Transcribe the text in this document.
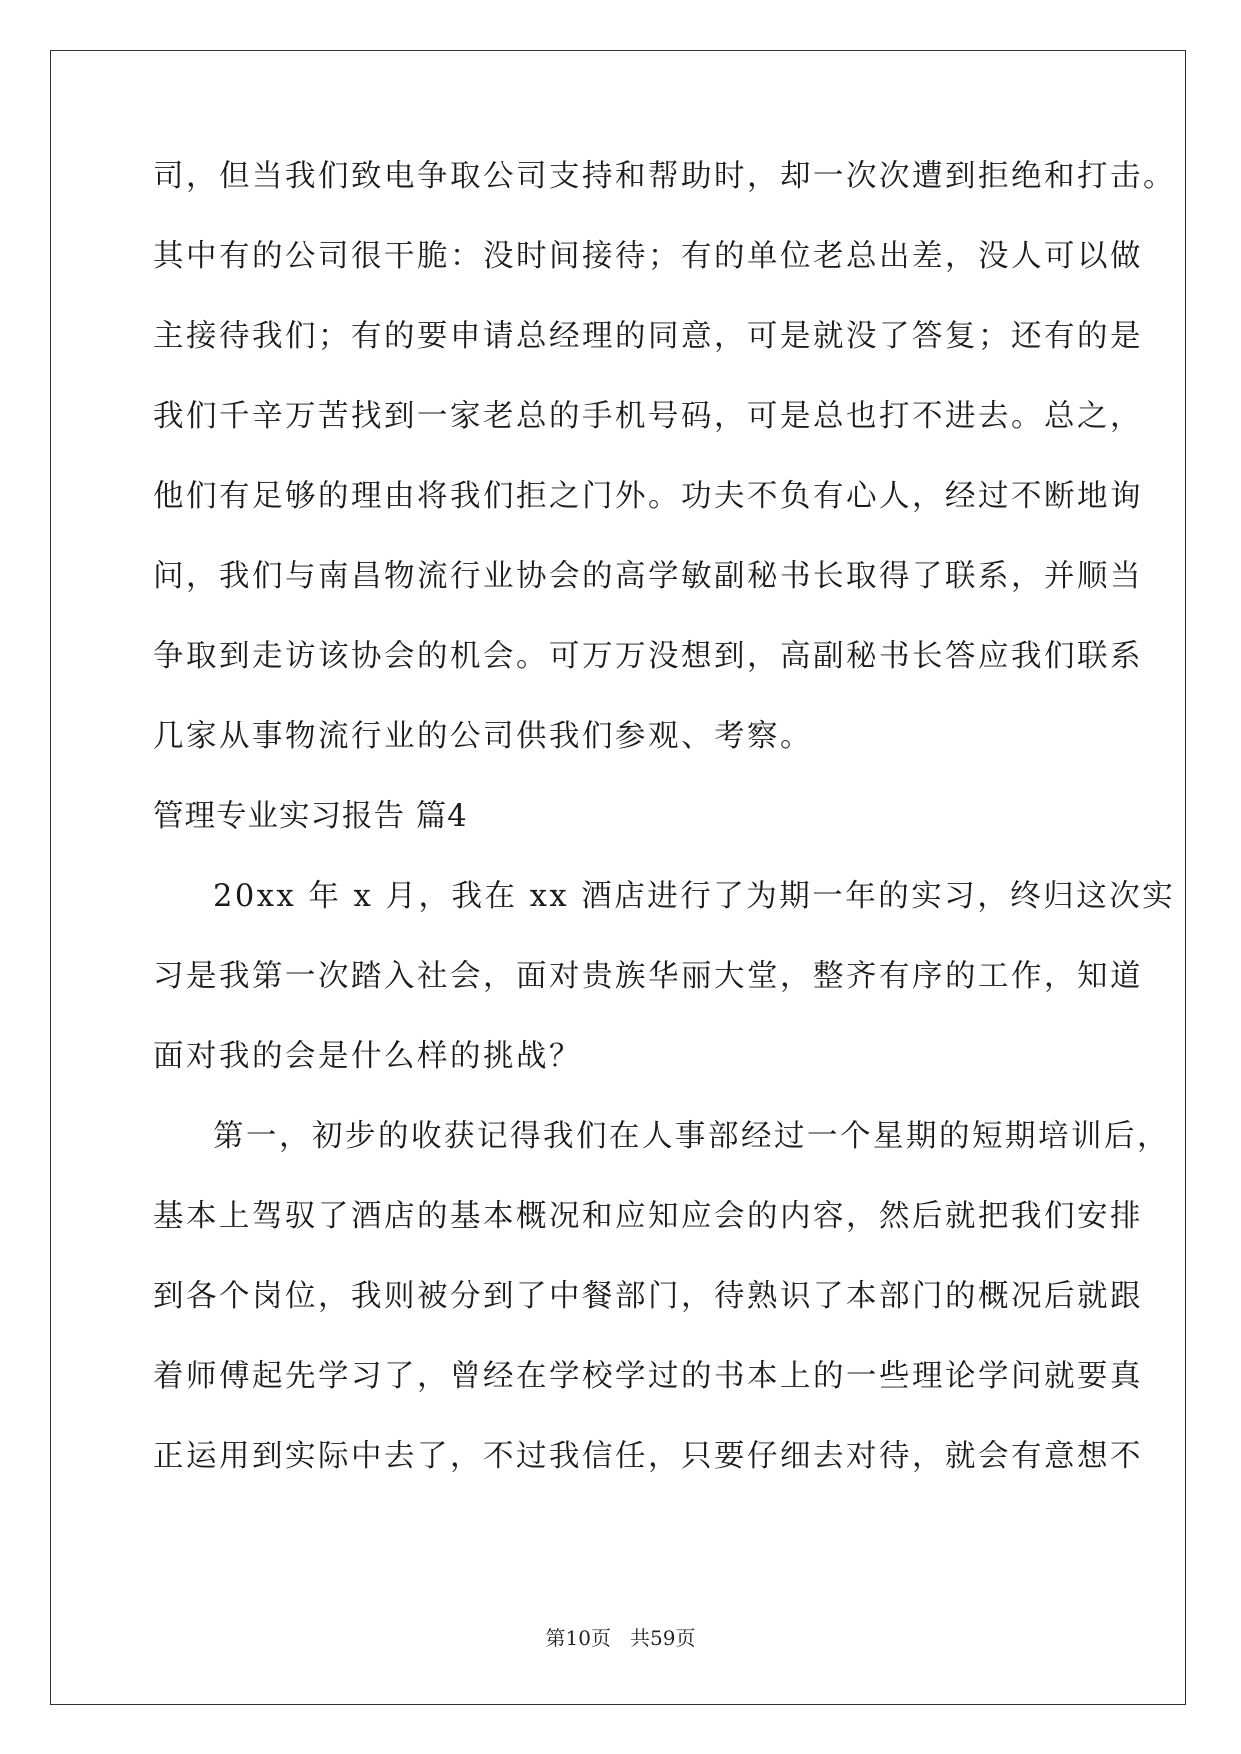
司，但当我们致电争取公司支持和帮助时，却一次次遭到拒绝和打击。
其中有的公司很干脆：没时间接待；有的单位老总出差，没人可以做
主接待我们；有的要申请总经理的同意，可是就没了答复；还有的是
我们千辛万苦找到一家老总的手机号码，可是总也打不进去。总之，
他们有足够的理由将我们拒之门外。功夫不负有心人，经过不断地询
问，我们与南昌物流行业协会的高学敏副秘书长取得了联系，并顺当
争取到走访该协会的机会。可万万没想到，高副秘书长答应我们联系
几家从事物流行业的公司供我们参观、考察。
管理专业实习报告 篇4
20xx 年 x 月，我在 xx 酒店进行了为期一年的实习，终归这次实
习是我第一次踏入社会，面对贵族华丽大堂，整齐有序的工作，知道
面对我的会是什么样的挑战？
第一，初步的收获记得我们在人事部经过一个星期的短期培训后，
基本上驾驭了酒店的基本概况和应知应会的内容，然后就把我们安排
到各个岗位，我则被分到了中餐部门，待熟识了本部门的概况后就跟
着师傅起先学习了，曾经在学校学过的书本上的一些理论学问就要真
正运用到实际中去了，不过我信任，只要仔细去对待，就会有意想不
第10页 共59页
